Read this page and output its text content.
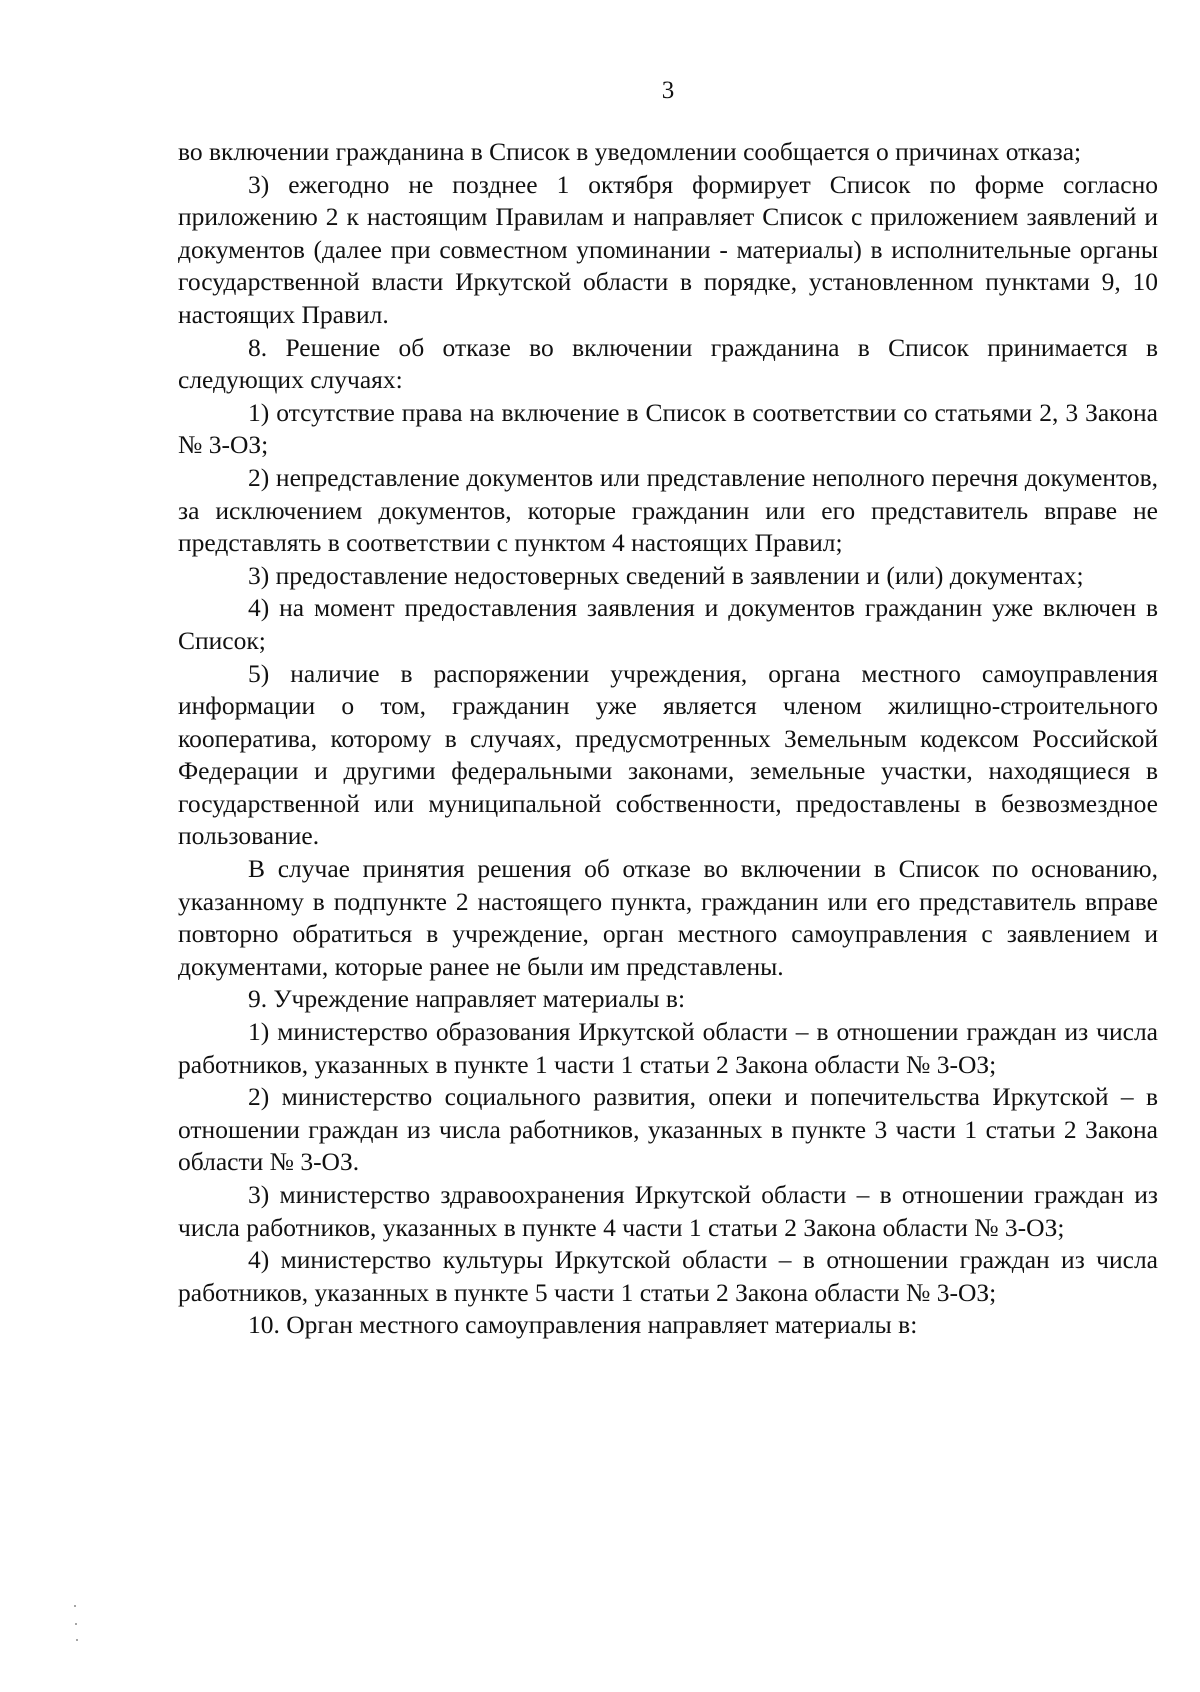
3

во включении гражданина в Список в уведомлении сообщается о причинах отказа;

3) ежегодно не позднее 1 октября формирует Список по форме согласно приложению 2 к настоящим Правилам и направляет Список с приложением заявлений и документов (далее при совместном упоминании - материалы) в исполнительные органы государственной власти Иркутской области в порядке, установленном пунктами 9, 10 настоящих Правил.

8. Решение об отказе во включении гражданина в Список принимается в следующих случаях:

1) отсутствие права на включение в Список в соответствии со статьями 2, 3 Закона № 3-ОЗ;

2) непредставление документов или представление неполного перечня документов, за исключением документов, которые гражданин или его представитель вправе не представлять в соответствии с пунктом 4 настоящих Правил;

3) предоставление недостоверных сведений в заявлении и (или) документах;

4) на момент предоставления заявления и документов гражданин уже включен в Список;

5) наличие в распоряжении учреждения, органа местного самоуправления информации о том, гражданин уже является членом жилищно-строительного кооператива, которому в случаях, предусмотренных Земельным кодексом Российской Федерации и другими федеральными законами, земельные участки, находящиеся в государственной или муниципальной собственности, предоставлены в безвозмездное пользование.

В случае принятия решения об отказе во включении в Список по основанию, указанному в подпункте 2 настоящего пункта, гражданин или его представитель вправе повторно обратиться в учреждение, орган местного самоуправления с заявлением и документами, которые ранее не были им представлены.

9. Учреждение направляет материалы в:

1) министерство образования Иркутской области – в отношении граждан из числа работников, указанных в пункте 1 части 1 статьи 2 Закона области № 3-ОЗ;

2) министерство социального развития, опеки и попечительства Иркутской – в отношении граждан из числа работников, указанных в пункте 3 части 1 статьи 2 Закона области № 3-ОЗ.

3) министерство здравоохранения Иркутской области – в отношении граждан из числа работников, указанных в пункте 4 части 1 статьи 2 Закона области № 3-ОЗ;

4) министерство культуры Иркутской области – в отношении граждан из числа работников, указанных в пункте 5 части 1 статьи 2 Закона области № 3-ОЗ;

10. Орган местного самоуправления направляет материалы в:
